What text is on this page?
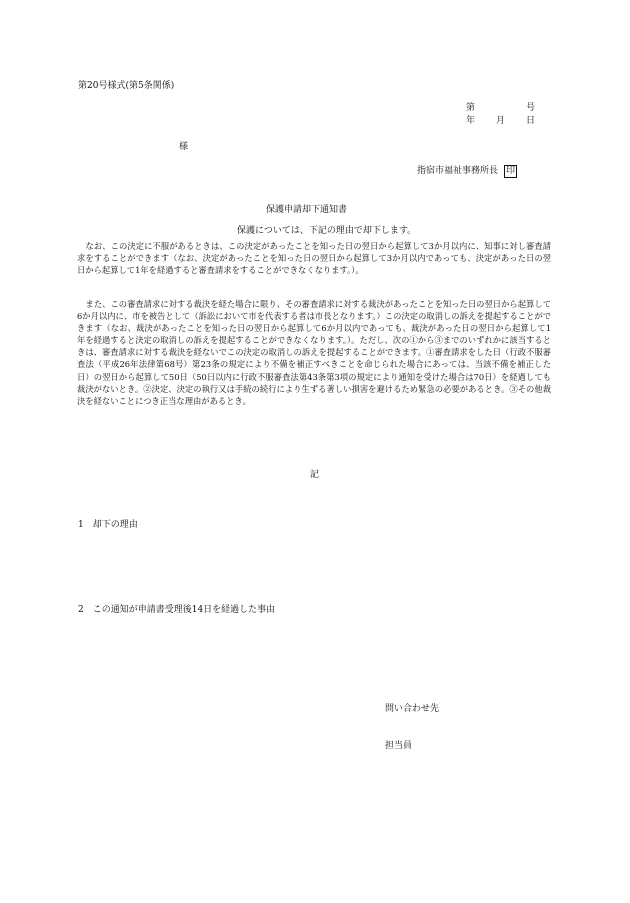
第20号様式(第5条関係)
第	号
年 月 日
様
指宿市福祉事務所長 印
保護申請却下通知書
保護については、下記の理由で却下します。
なお、この決定に不服があるときは、この決定があったことを知った日の翌日から起算して3か月以内に、知事に対し審査請求をすることができます（なお、決定があったことを知った日の翌日から起算して3か月以内であっても、決定があった日の翌日から起算して1年を経過すると審査請求をすることができなくなります。）。
また、この審査請求に対する裁決を経た場合に限り、その審査請求に対する裁決があったことを知った日の翌日から起算して6か月以内に、市を被告として（訴訟において市を代表する者は市長となります。）この決定の取消しの訴えを提起することができます（なお、裁決があったことを知った日の翌日から起算して6か月以内であっても、裁決があった日の翌日から起算して1年を経過すると決定の取消しの訴えを提起することができなくなります。）。ただし、次の①から③までのいずれかに該当するときは、審査請求に対する裁決を経ないでこの決定の取消しの訴えを提起することができます。①審査請求をした日（行政不服審査法（平成26年法律第68号）第23条の規定により不備を補正すべきことを命じられた場合にあっては、当該不備を補正した日）の翌日から起算して50日（50日以内に行政不服審査法第43条第3項の規定により通知を受けた場合は70日）を経過しても裁決がないとき。②決定、決定の執行又は手続の続行により生ずる著しい損害を避けるため緊急の必要があるとき。③その他裁決を経ないことにつき正当な理由があるとき。
記
1　却下の理由
2　この通知が申請書受理後14日を経過した事由
問い合わせ先
担当員
